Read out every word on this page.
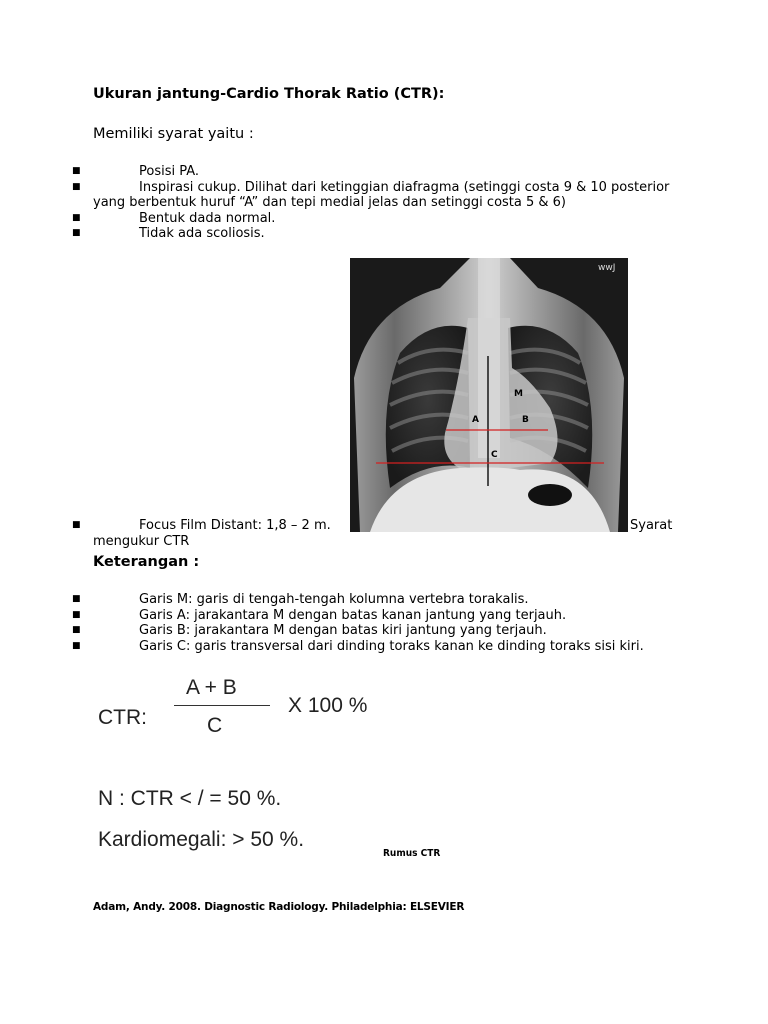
Ukuran jantung-Cardio Thorak Ratio (CTR):
Memiliki syarat yaitu :
■	Posisi PA.
■	Inspirasi cukup. Dilihat dari ketinggian diafragma (setinggi costa 9 & 10 posterior yang berbentuk huruf “A” dan tepi medial jelas dan setinggi costa 5 & 6)
■	Bentuk dada normal.
■	Tidak ada scoliosis.
wwJ
M
A	B
C
■	Focus Film Distant: 1,8 – 2 m.	Syarat
mengukur CTR
Keterangan :
■	Garis M: garis di tengah-tengah kolumna vertebra torakalis.
■	Garis A: jarakantara M dengan batas kanan jantung yang terjauh.
■	Garis B: jarakantara M dengan batas kiri jantung yang terjauh.
■	Garis C: garis transversal dari dinding toraks kanan ke dinding toraks sisi kiri.
A + B
CTR:	C
X 100 %
N : CTR < / = 50 %.
Kardiomegali: > 50 %.
Rumus CTR
Adam, Andy. 2008. Diagnostic Radiology. Philadelphia: ELSEVIER
